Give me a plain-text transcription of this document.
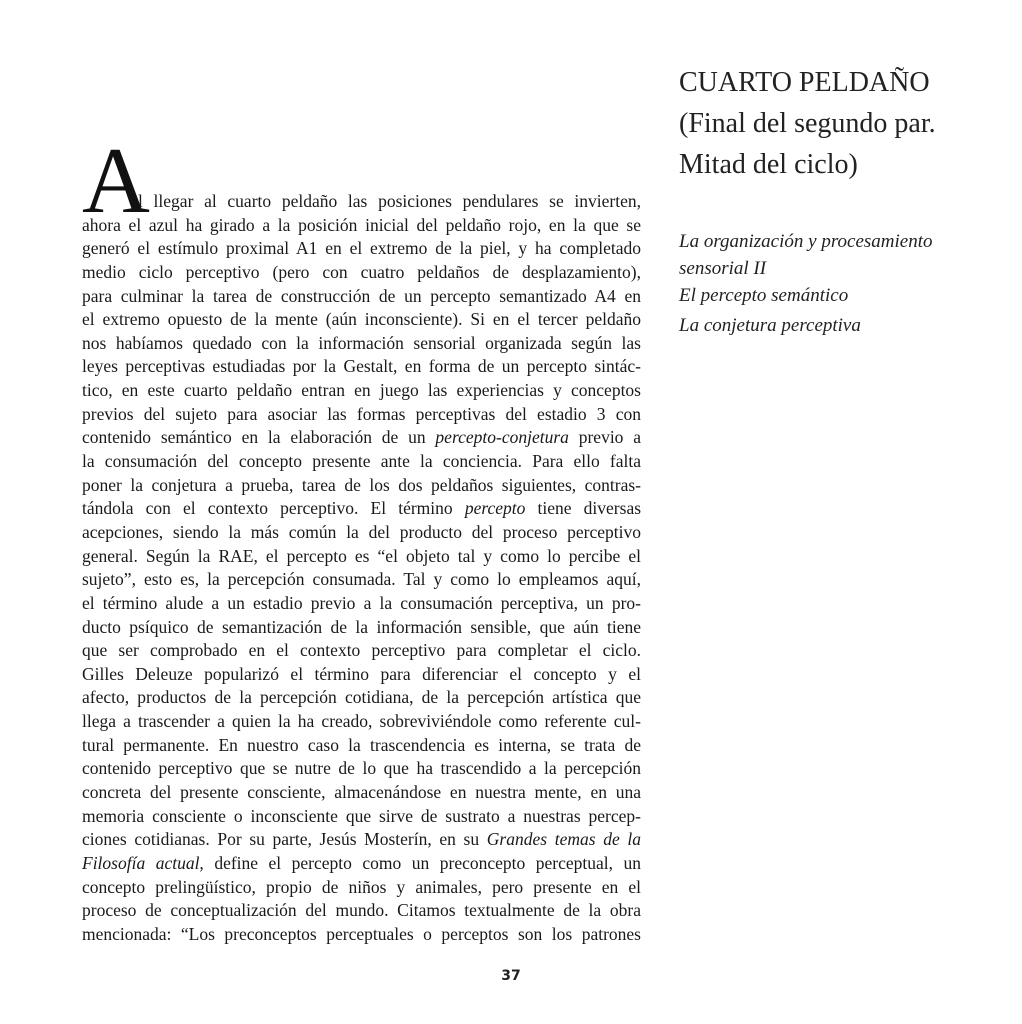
CUARTO PELDAÑO
(Final del segundo par.
Mitad del ciclo)
La organización y procesamiento
sensorial II
El percepto semántico
La conjetura perceptiva
A
l llegar al cuarto peldaño las posiciones pendulares se invierten,
ahora el azul ha girado a la posición inicial del peldaño rojo, en la que se
generó el estímulo proximal A1 en el extremo de la piel, y ha completado
medio ciclo perceptivo (pero con cuatro peldaños de desplazamiento),
para culminar la tarea de construcción de un percepto semantizado A4 en
el extremo opuesto de la mente (aún inconsciente). Si en el tercer peldaño
nos habíamos quedado con la información sensorial organizada según las
leyes perceptivas estudiadas por la Gestalt, en forma de un percepto sintác-
tico, en este cuarto peldaño entran en juego las experiencias y conceptos
previos del sujeto para asociar las formas perceptivas del estadio 3 con
contenido semántico en la elaboración de un percepto-conjetura previo a
la consumación del concepto presente ante la conciencia. Para ello falta
poner la conjetura a prueba, tarea de los dos peldaños siguientes, contras-
tándola con el contexto perceptivo. El término percepto tiene diversas
acepciones, siendo la más común la del producto del proceso perceptivo
general. Según la RAE, el percepto es “el objeto tal y como lo percibe el
sujeto”, esto es, la percepción consumada. Tal y como lo empleamos aquí,
el término alude a un estadio previo a la consumación perceptiva, un pro-
ducto psíquico de semantización de la información sensible, que aún tiene
que ser comprobado en el contexto perceptivo para completar el ciclo.
Gilles Deleuze popularizó el término para diferenciar el concepto y el
afecto, productos de la percepción cotidiana, de la percepción artística que
llega a trascender a quien la ha creado, sobreviviéndole como referente cul-
tural permanente. En nuestro caso la trascendencia es interna, se trata de
contenido perceptivo que se nutre de lo que ha trascendido a la percepción
concreta del presente consciente, almacenándose en nuestra mente, en una
memoria consciente o inconsciente que sirve de sustrato a nuestras percep-
ciones cotidianas. Por su parte, Jesús Mosterín, en su Grandes temas de la
Filosofía actual, define el percepto como un preconcepto perceptual, un
concepto prelingüístico, propio de niños y animales, pero presente en el
proceso de conceptualización del mundo. Citamos textualmente de la obra
mencionada: “Los preconceptos perceptuales o perceptos son los patrones
37
